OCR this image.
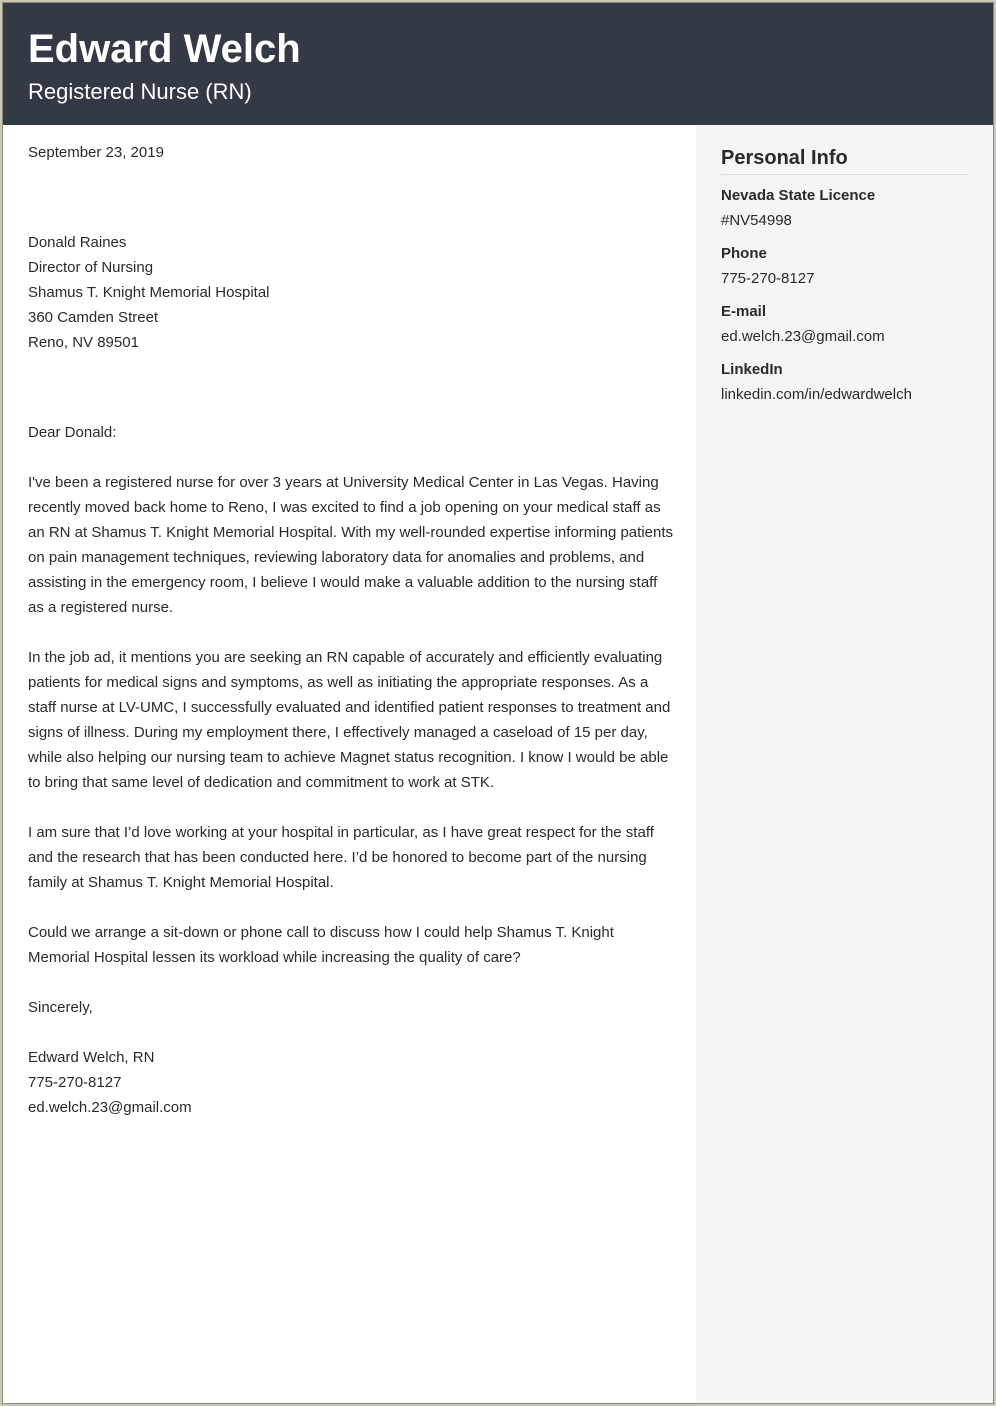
Edward Welch
Registered Nurse (RN)
September 23, 2019
Donald Raines
Director of Nursing
Shamus T. Knight Memorial Hospital
360 Camden Street
Reno, NV 89501
Dear Donald:

I've been a registered nurse for over 3 years at University Medical Center in Las Vegas. Having recently moved back home to Reno, I was excited to find a job opening on your medical staff as an RN at Shamus T. Knight Memorial Hospital. With my well-rounded expertise informing patients on pain management techniques, reviewing laboratory data for anomalies and problems, and assisting in the emergency room, I believe I would make a valuable addition to the nursing staff as a registered nurse.

In the job ad, it mentions you are seeking an RN capable of accurately and efficiently evaluating patients for medical signs and symptoms, as well as initiating the appropriate responses. As a staff nurse at LV-UMC, I successfully evaluated and identified patient responses to treatment and signs of illness. During my employment there, I effectively managed a caseload of 15 per day, while also helping our nursing team to achieve Magnet status recognition. I know I would be able to bring that same level of dedication and commitment to work at STK.

I am sure that I’d love working at your hospital in particular, as I have great respect for the staff and the research that has been conducted here. I’d be honored to become part of the nursing family at Shamus T. Knight Memorial Hospital.

Could we arrange a sit-down or phone call to discuss how I could help Shamus T. Knight Memorial Hospital lessen its workload while increasing the quality of care?

Sincerely,
Edward Welch, RN
775-270-8127
ed.welch.23@gmail.com
Personal Info
Nevada State Licence
#NV54998
Phone
775-270-8127
E-mail
ed.welch.23@gmail.com
LinkedIn
linkedin.com/in/edwardwelch
